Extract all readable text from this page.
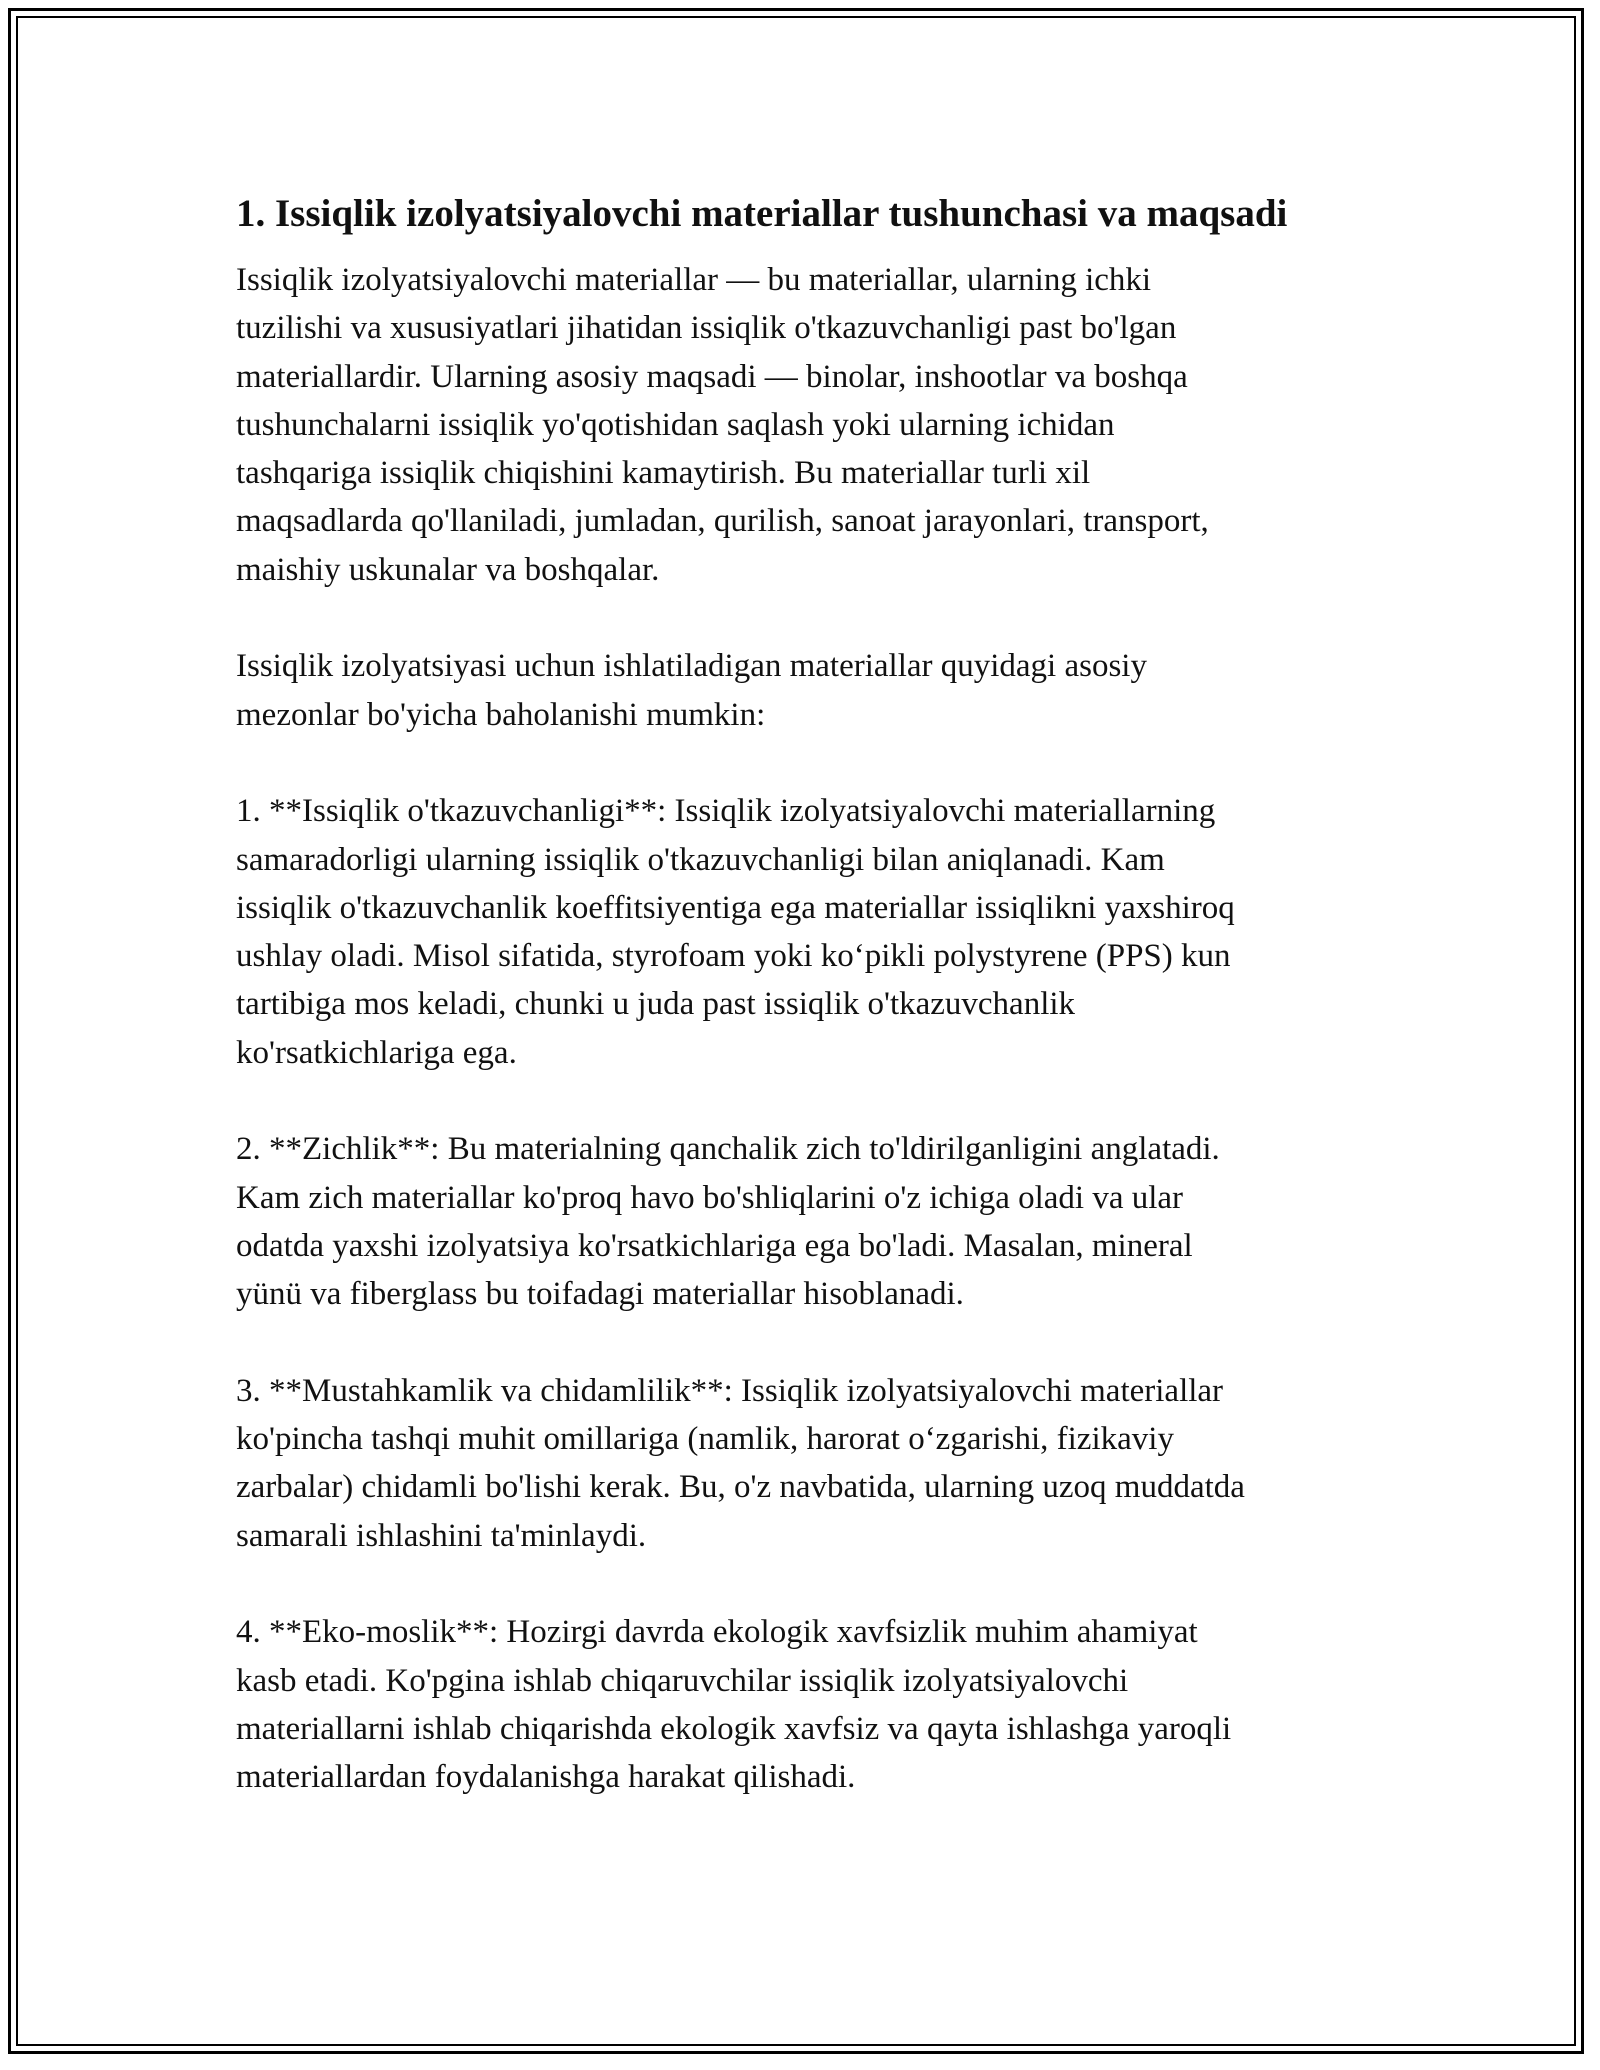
1. Issiqlik izolyatsiyalovchi materiallar tushunchasi va maqsadi

Issiqlik izolyatsiyalovchi materiallar — bu materiallar, ularning ichki
tuzilishi va xususiyatlari jihatidan issiqlik o'tkazuvchanligi past bo'lgan
materiallardir. Ularning asosiy maqsadi — binolar, inshootlar va boshqa
tushunchalarni issiqlik yo'qotishidan saqlash yoki ularning ichidan
tashqariga issiqlik chiqishini kamaytirish. Bu materiallar turli xil
maqsadlarda qo'llaniladi, jumladan, qurilish, sanoat jarayonlari, transport,
maishiy uskunalar va boshqalar.

Issiqlik izolyatsiyasi uchun ishlatiladigan materiallar quyidagi asosiy
mezonlar bo'yicha baholanishi mumkin:

1. **Issiqlik o'tkazuvchanligi**: Issiqlik izolyatsiyalovchi materiallarning
samaradorligi ularning issiqlik o'tkazuvchanligi bilan aniqlanadi. Kam
issiqlik o'tkazuvchanlik koeffitsiyentiga ega materiallar issiqlikni yaxshiroq
ushlay oladi. Misol sifatida, styrofoam yoki ko‘pikli polystyrene (PPS) kun
tartibiga mos keladi, chunki u juda past issiqlik o'tkazuvchanlik
ko'rsatkichlariga ega.

2. **Zichlik**: Bu materialning qanchalik zich to'ldirilganligini anglatadi.
Kam zich materiallar ko'proq havo bo'shliqlarini o'z ichiga oladi va ular
odatda yaxshi izolyatsiya ko'rsatkichlariga ega bo'ladi. Masalan, mineral
yünü va fiberglass bu toifadagi materiallar hisoblanadi.

3. **Mustahkamlik va chidamlilik**: Issiqlik izolyatsiyalovchi materiallar
ko'pincha tashqi muhit omillariga (namlik, harorat o‘zgarishi, fizikaviy
zarbalar) chidamli bo'lishi kerak. Bu, o'z navbatida, ularning uzoq muddatda
samarali ishlashini ta'minlaydi.

4. **Eko-moslik**: Hozirgi davrda ekologik xavfsizlik muhim ahamiyat
kasb etadi. Ko'pgina ishlab chiqaruvchilar issiqlik izolyatsiyalovchi
materiallarni ishlab chiqarishda ekologik xavfsiz va qayta ishlashga yaroqli
materiallardan foydalanishga harakat qilishadi.
